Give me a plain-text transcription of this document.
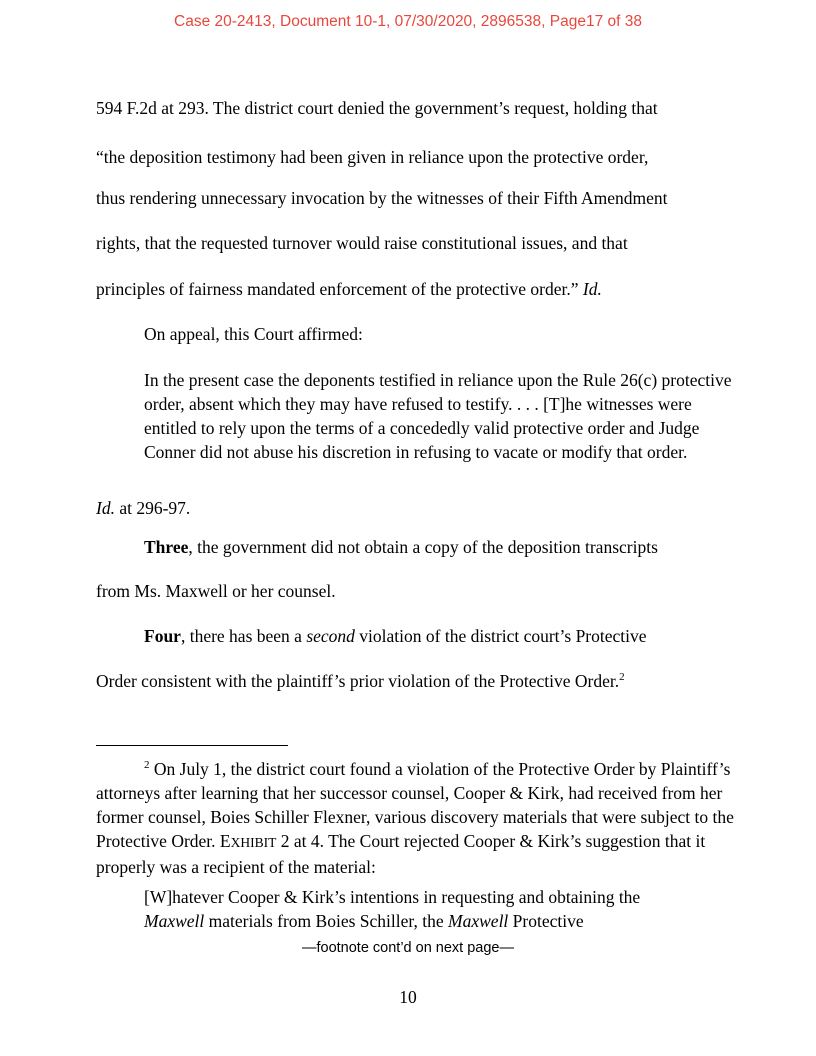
Case 20-2413, Document 10-1, 07/30/2020, 2896538, Page17 of 38
594 F.2d at 293. The district court denied the government’s request, holding that
“the deposition testimony had been given in reliance upon the protective order,
thus rendering unnecessary invocation by the witnesses of their Fifth Amendment
rights, that the requested turnover would raise constitutional issues, and that
principles of fairness mandated enforcement of the protective order.” Id.
On appeal, this Court affirmed:
In the present case the deponents testified in reliance upon the Rule 26(c) protective order, absent which they may have refused to testify. . . . [T]he witnesses were entitled to rely upon the terms of a concededly valid protective order and Judge Conner did not abuse his discretion in refusing to vacate or modify that order.
Id. at 296-97.
Three, the government did not obtain a copy of the deposition transcripts
from Ms. Maxwell or her counsel.
Four, there has been a second violation of the district court’s Protective
Order consistent with the plaintiff’s prior violation of the Protective Order.$^2$
$^2$ On July 1, the district court found a violation of the Protective Order by Plaintiff’s attorneys after learning that her successor counsel, Cooper & Kirk, had received from her former counsel, Boies Schiller Flexner, various discovery materials that were subject to the Protective Order. EXHIBIT 2 at 4. The Court rejected Cooper & Kirk’s suggestion that it properly was a recipient of the material:
[W]hatever Cooper & Kirk’s intentions in requesting and obtaining the Maxwell materials from Boies Schiller, the Maxwell Protective
—footnote cont’d on next page—
10
